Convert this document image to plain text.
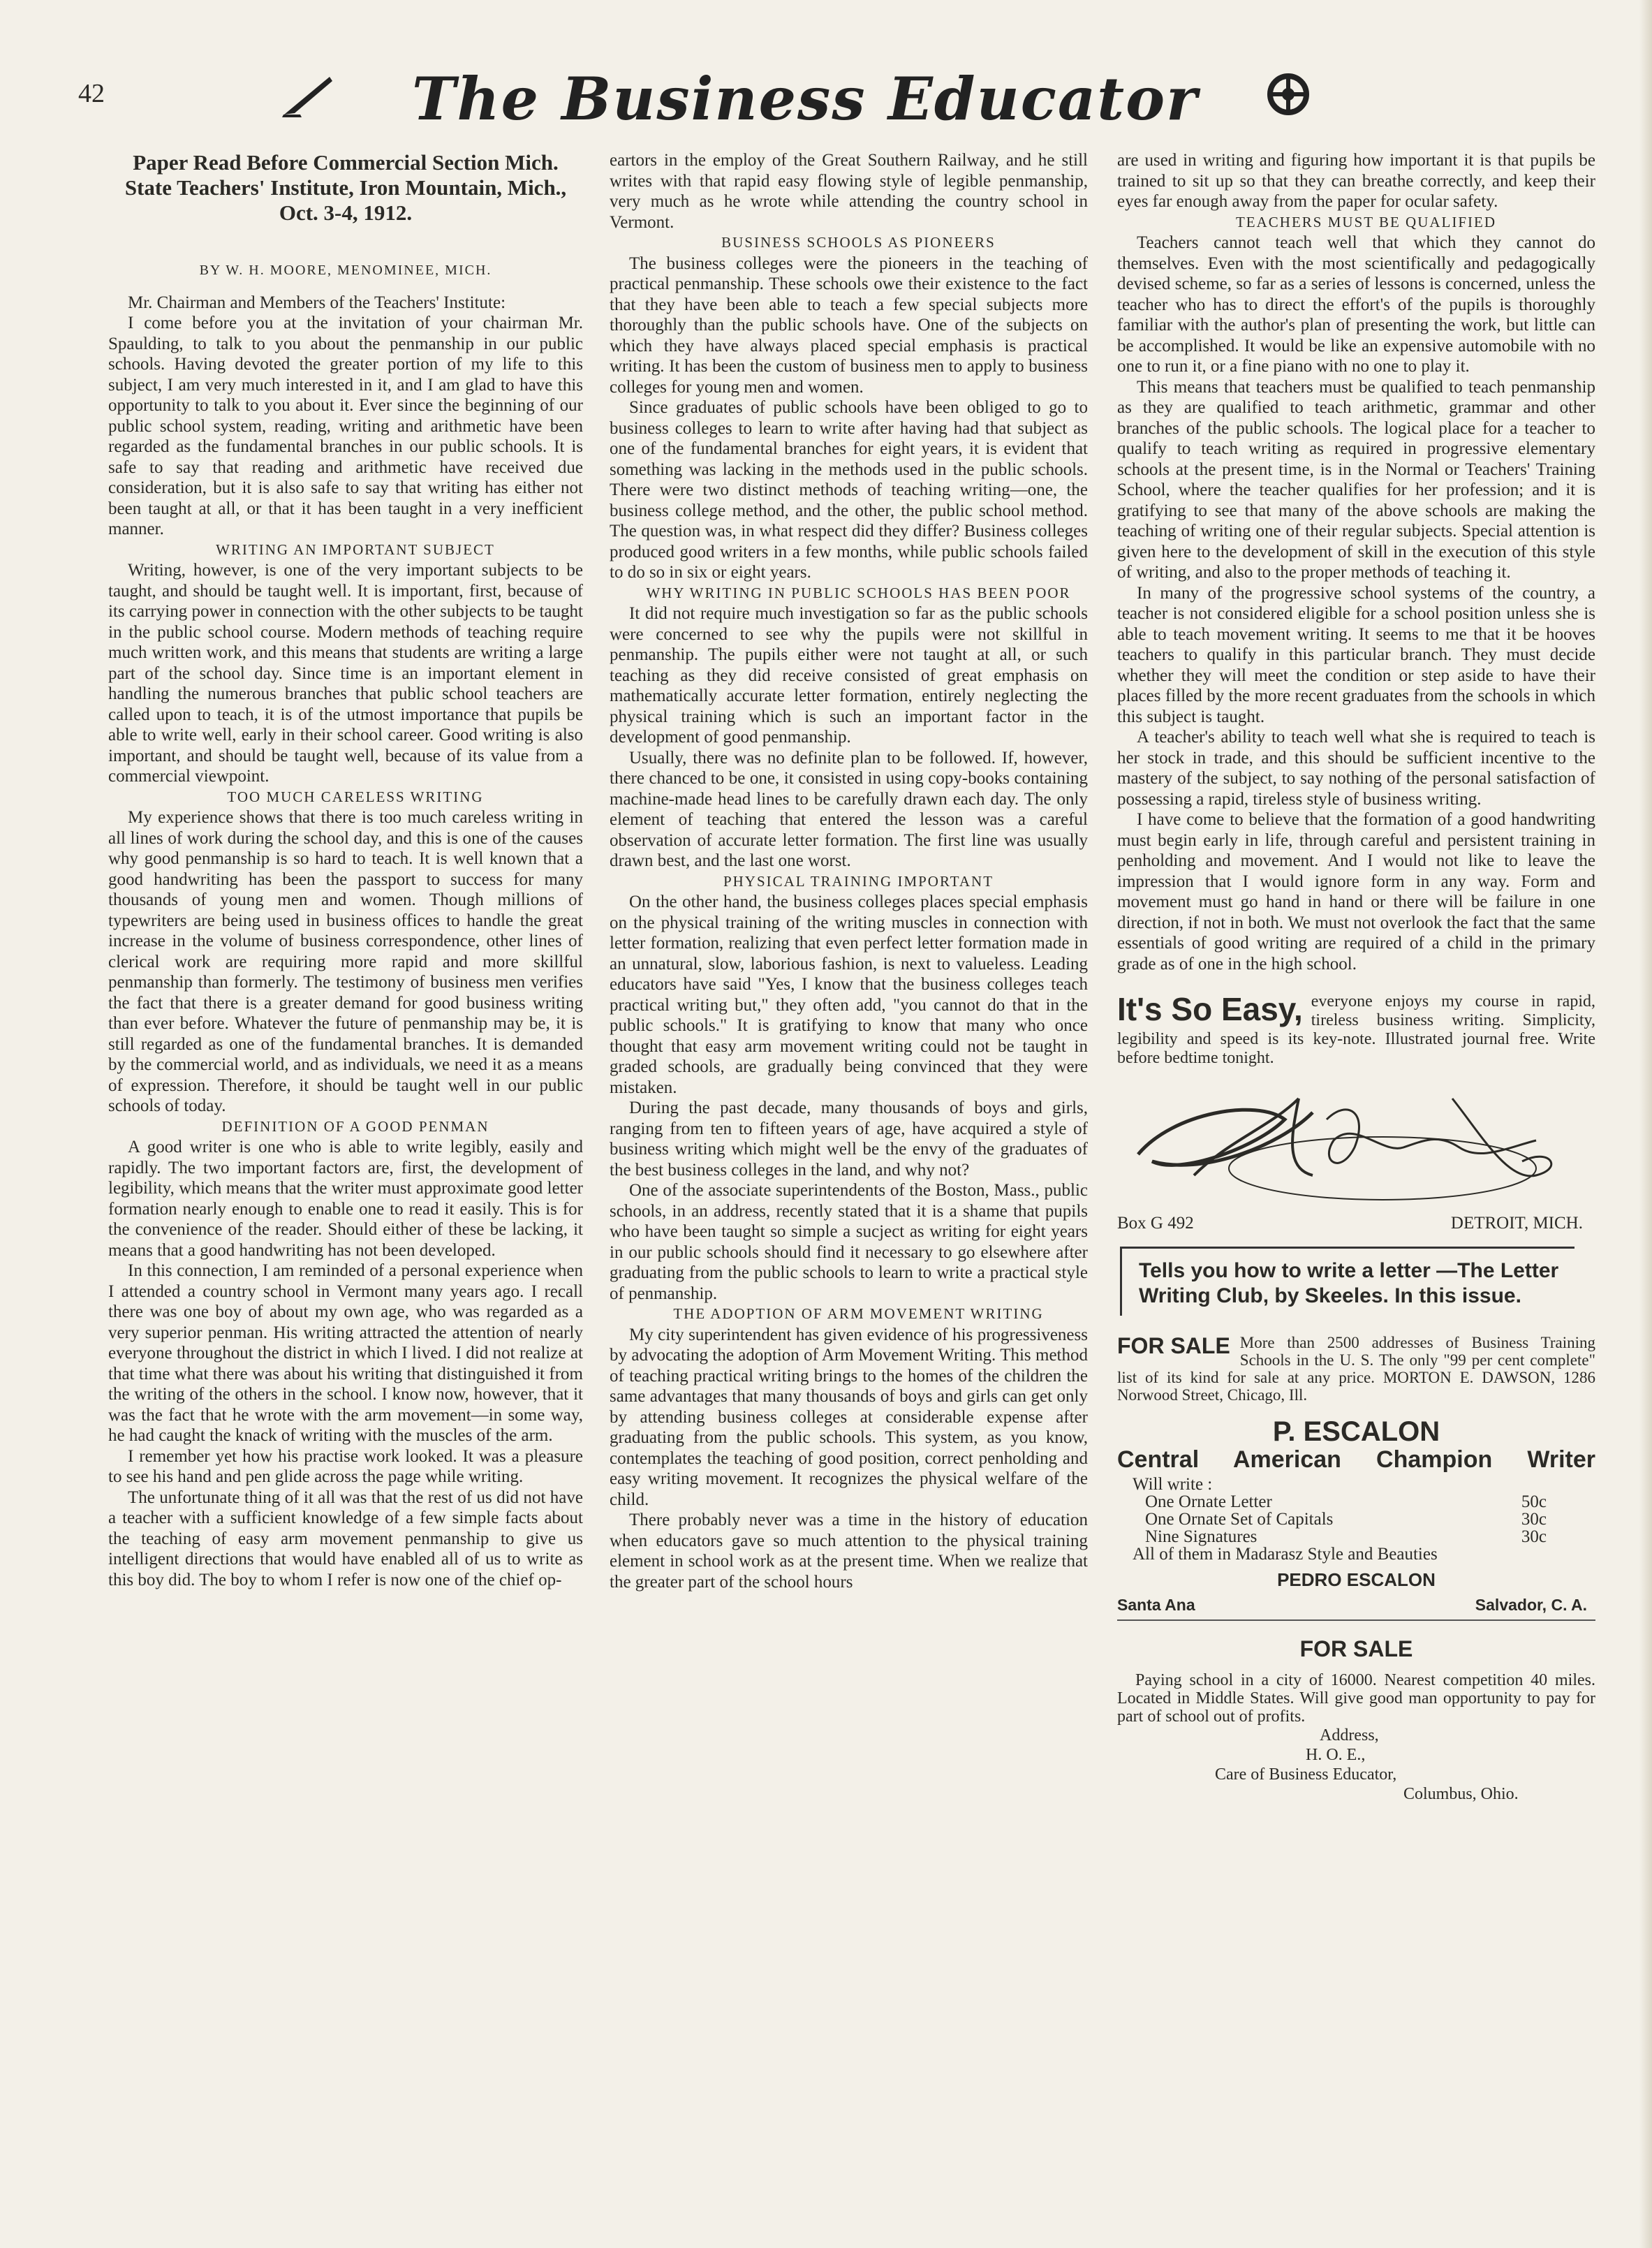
42	The Business Educator
Paper Read Before Commercial Section Mich. State Teachers' Institute, Iron Mountain, Mich., Oct. 3-4, 1912.
BY W. H. MOORE, MENOMINEE, MICH.

Mr. Chairman and Members of the Teachers' Institute:

I come before you at the invitation of your chairman Mr. Spaulding, to talk to you about the penmanship in our public schools. Having devoted the greater portion of my life to this subject, I am very much interested in it, and I am glad to have this opportunity to talk to you about it. Ever since the beginning of our public school system, reading, writing and arithmetic have been regarded as the fundamental branches in our public schools. It is safe to say that reading and arithmetic have received due consideration, but it is also safe to say that writing has either not been taught at all, or that it has been taught in a very inefficient manner.

WRITING AN IMPORTANT SUBJECT

Writing, however, is one of the very important subjects to be taught, and should be taught well. It is important, first, because of its carrying power in connection with the other subjects to be taught in the public school course. Modern methods of teaching require much written work, and this means that students are writing a large part of the school day. Since time is an important element in handling the numerous branches that public school teachers are called upon to teach, it is of the utmost importance that pupils be able to write well, early in their school career. Good writing is also important, and should be taught well, because of its value from a commercial viewpoint.

TOO MUCH CARELESS WRITING

My experience shows that there is too much careless writing in all lines of work during the school day, and this is one of the causes why good penmanship is so hard to teach. It is well known that a good handwriting has been the passport to success for many thousands of young men and women. Though millions of typewriters are being used in business offices to handle the great increase in the volume of business correspondence, other lines of clerical work are requiring more rapid and more skillful penmanship than formerly. The testimony of business men verifies the fact that there is a greater demand for good business writing than ever before. Whatever the future of penmanship may be, it is still regarded as one of the fundamental branches. It is demanded by the commercial world, and as individuals, we need it as a means of expression. Therefore, it should be taught well in our public schools of today.

DEFINITION OF A GOOD PENMAN

A good writer is one who is able to write legibly, easily and rapidly. The two important factors are, first, the development of legibility, which means that the writer must approximate good letter formation nearly enough to enable one to read it easily. This is for the convenience of the reader. Should either of these be lacking, it means that a good handwriting has not been developed.

In this connection, I am reminded of a personal experience when I attended a country school in Vermont many years ago. I recall there was one boy of about my own age, who was regarded as a very superior penman. His writing attracted the attention of nearly everyone throughout the district in which I lived. I did not realize at that time what there was about his writing that distinguished it from the writing of the others in the school. I know now, however, that it was the fact that he wrote with the arm movement—in some way, he had caught the knack of writing with the muscles of the arm.

I remember yet how his practise work looked. It was a pleasure to see his hand and pen glide across the page while writing.

The unfortunate thing of it all was that the rest of us did not have a teacher with a sufficient knowledge of a few simple facts about the teaching of easy arm movement penmanship to give us intelligent directions that would have enabled all of us to write as this boy did. The boy to whom I refer is now one of the chief op-

eartors in the employ of the Great Southern Railway, and he still writes with that rapid easy flowing style of legible penmanship, very much as he wrote while attending the country school in Vermont.

BUSINESS SCHOOLS AS PIONEERS

The business colleges were the pioneers in the teaching of practical penmanship. These schools owe their existence to the fact that they have been able to teach a few special subjects more thoroughly than the public schools have. One of the subjects on which they have always placed special emphasis is practical writing. It has been the custom of business men to apply to business colleges for young men and women.

Since graduates of public schools have been obliged to go to business colleges to learn to write after having had that subject as one of the fundamental branches for eight years, it is evident that something was lacking in the methods used in the public schools. There were two distinct methods of teaching writing—one, the business college method, and the other, the public school method. The question was, in what respect did they differ? Business colleges produced good writers in a few months, while public schools failed to do so in six or eight years.

WHY WRITING IN PUBLIC SCHOOLS HAS BEEN POOR

It did not require much investigation so far as the public schools were concerned to see why the pupils were not skillful in penmanship. The pupils either were not taught at all, or such teaching as they did receive consisted of great emphasis on mathematically accurate letter formation, entirely neglecting the physical training which is such an important factor in the development of good penmanship.

Usually, there was no definite plan to be followed. If, however, there chanced to be one, it consisted in using copy-books containing machine-made head lines to be carefully drawn each day. The only element of teaching that entered the lesson was a careful observation of accurate letter formation. The first line was usually drawn best, and the last one worst.

PHYSICAL TRAINING IMPORTANT

On the other hand, the business colleges places special emphasis on the physical training of the writing muscles in connection with letter formation, realizing that even perfect letter formation made in an unnatural, slow, laborious fashion, is next to valueless. Leading educators have said "Yes, I know that the business colleges teach practical writing but," they often add, "you cannot do that in the public schools." It is gratifying to know that many who once thought that easy arm movement writing could not be taught in graded schools, are gradually being convinced that they were mistaken.

During the past decade, many thousands of boys and girls, ranging from ten to fifteen years of age, have acquired a style of business writing which might well be the envy of the graduates of the best business colleges in the land, and why not?

One of the associate superintendents of the Boston, Mass., public schools, in an address, recently stated that it is a shame that pupils who have been taught so simple a sucject as writing for eight years in our public schools should find it necessary to go elsewhere after graduating from the public schools to learn to write a practical style of penmanship.

THE ADOPTION OF ARM MOVEMENT WRITING

My city superintendent has given evidence of his progressiveness by advocating the adoption of Arm Movement Writing. This method of teaching practical writing brings to the homes of the children the same advantages that many thousands of boys and girls can get only by attending business colleges at considerable expense after graduating from the public schools. This system, as you know, contemplates the teaching of good position, correct penholding and easy writing movement. It recognizes the physical welfare of the child.

There probably never was a time in the history of education when educators gave so much attention to the physical training element in school work as at the present time. When we realize that the greater part of the school hours

are used in writing and figuring how important it is that pupils be trained to sit up so that they can breathe correctly, and keep their eyes far enough away from the paper for ocular safety.

TEACHERS MUST BE QUALIFIED

Teachers cannot teach well that which they cannot do themselves. Even with the most scientifically and pedagogically devised scheme, so far as a series of lessons is concerned, unless the teacher who has to direct the effort's of the pupils is thoroughly familiar with the author's plan of presenting the work, but little can be accomplished. It would be like an expensive automobile with no one to run it, or a fine piano with no one to play it.

This means that teachers must be qualified to teach penmanship as they are qualified to teach arithmetic, grammar and other branches of the public schools. The logical place for a teacher to qualify to teach writing as required in progressive elementary schools at the present time, is in the Normal or Teachers' Training School, where the teacher qualifies for her profession; and it is gratifying to see that many of the above schools are making the teaching of writing one of their regular subjects. Special attention is given here to the development of skill in the execution of this style of writing, and also to the proper methods of teaching it.

In many of the progressive school systems of the country, a teacher is not considered eligible for a school position unless she is able to teach movement writing. It seems to me that it be hooves teachers to qualify in this particular branch. They must decide whether they will meet the condition or step aside to have their places filled by the more recent graduates from the schools in which this subject is taught.

A teacher's ability to teach well what she is required to teach is her stock in trade, and this should be sufficient incentive to the mastery of the subject, to say nothing of the personal satisfaction of possessing a rapid, tireless style of business writing.

I have come to believe that the formation of a good handwriting must begin early in life, through careful and persistent training in penholding and movement. And I would not like to leave the impression that I would ignore form in any way. Form and movement must go hand in hand or there will be failure in one direction, if not in both. We must not overlook the fact that the same essentials of good writing are required of a child in the primary grade as of one in the high school.

It's So Easy, everyone enjoys my course in rapid, tireless business writing. Simplicity, legibility and speed is its key-note. Illustrated journal free. Write before bedtime tonight.
Box G 492	DETROIT, MICH.
Tells you how to write a letter —The Letter Writing Club, by Skeeles. In this issue.
FOR SALE More than 2500 addresses of Business Training Schools in the U. S. The only "99 per cent complete" list of its kind for sale at any price. MORTON E. DAWSON, 1286 Norwood Street, Chicago, Ill.
P. ESCALON
Central American Champion Writer
Will write :
One Ornate Letter	50c
One Ornate Set of Capitals	30c
Nine Signatures	30c
All of them in Madarasz Style and Beauties
PEDRO ESCALON
Santa Ana	Salvador, C. A.
FOR SALE
Paying school in a city of 16000. Nearest competition 40 miles. Located in Middle States. Will give good man opportunity to pay for part of school out of profits.
Address,
H. O. E.,
Care of Business Educator,
Columbus, Ohio.
